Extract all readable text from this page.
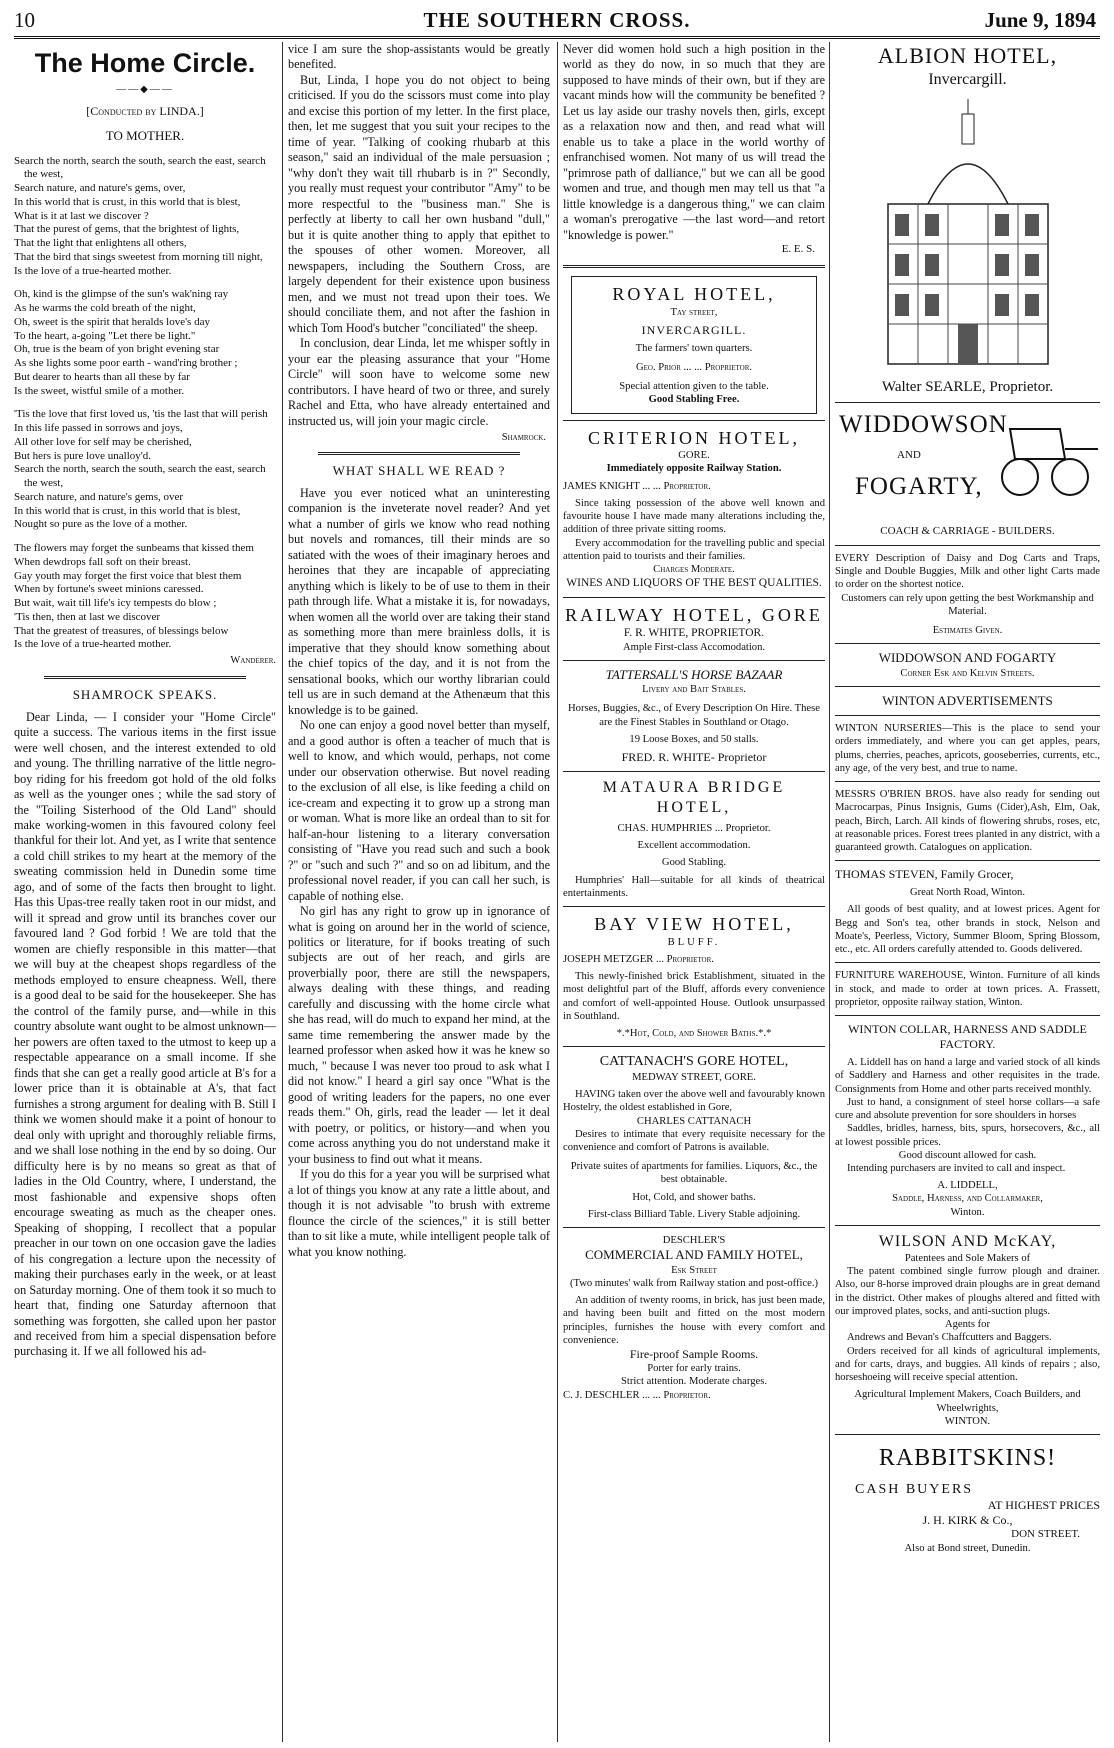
10	THE SOUTHERN CROSS.	June 9, 1894
The Home Circle.
——◆——

[Conducted by LINDA.]

TO MOTHER.

Search the north, search the south, search the east, search the west,

Search nature, and nature's gems, over,

In this world that is crust, in this world that is blest,

What is it at last we discover ?

That the purest of gems, that the brightest of lights,

That the light that enlightens all others,

That the bird that sings sweetest from morning till night,

Is the love of a true-hearted mother.

Oh, kind is the glimpse of the sun's wak'ning ray

As he warms the cold breath of the night,

Oh, sweet is the spirit that heralds love's day

To the heart, a-going "Let there be light."

Oh, true is the beam of yon bright evening star

As she lights some poor earth - wand'ring brother ;

But dearer to hearts than all these by far

Is the sweet, wistful smile of a mother.

'Tis the love that first loved us, 'tis the last that will perish

In this life passed in sorrows and joys,

All other love for self may be cherished,

But hers is pure love unalloy'd.

Search the north, search the south, search the east, search the west,

Search nature, and nature's gems, over

In this world that is crust, in this world that is blest,

Nought so pure as the love of a mother.

The flowers may forget the sunbeams that kissed them

When dewdrops fall soft on their breast.

Gay youth may forget the first voice that blest them

When by fortune's sweet minions caressed.

But wait, wait till life's icy tempests do blow ;

'Tis then, then at last we discover

That the greatest of treasures, of blessings below

Is the love of a true-hearted mother.

Wanderer.

SHAMROCK SPEAKS.

Dear Linda, — I consider your "Home Circle" quite a success. The various items in the first issue were well chosen, and the interest extended to old and young. The thrilling narrative of the little negro-boy riding for his freedom got hold of the old folks as well as the younger ones ; while the sad story of the "Toiling Sisterhood of the Old Land" should make working-women in this favoured colony feel thankful for their lot. And yet, as I write that sentence a cold chill strikes to my heart at the memory of the sweating commission held in Dunedin some time ago, and of some of the facts then brought to light. Has this Upas-tree really taken root in our midst, and will it spread and grow until its branches cover our favoured land ? God forbid ! We are told that the women are chiefly responsible in this matter—that we will buy at the cheapest shops regardless of the methods employed to ensure cheapness. Well, there is a good deal to be said for the housekeeper. She has the control of the family purse, and—while in this country absolute want ought to be almost unknown—her powers are often taxed to the utmost to keep up a respectable appearance on a small income. If she finds that she can get a really good article at B's for a lower price than it is obtainable at A's, that fact furnishes a strong argument for dealing with B. Still I think we women should make it a point of honour to deal only with upright and thoroughly reliable firms, and we shall lose nothing in the end by so doing. Our difficulty here is by no means so great as that of ladies in the Old Country, where, I understand, the most fashionable and expensive shops often encourage sweating as much as the cheaper ones. Speaking of shopping, I recollect that a popular preacher in our town on one occasion gave the ladies of his congregation a lecture upon the necessity of making their purchases early in the week, or at least on Saturday morning. One of them took it so much to heart that, finding one Saturday afternoon that something was forgotten, she called upon her pastor and received from him a special dispensation before purchasing it. If we all followed his ad-

vice I am sure the shop-assistants would be greatly benefited.

But, Linda, I hope you do not object to being criticised. If you do the scissors must come into play and excise this portion of my letter. In the first place, then, let me suggest that you suit your recipes to the time of year. "Talking of cooking rhubarb at this season," said an individual of the male persuasion ; "why don't they wait till rhubarb is in ?" Secondly, you really must request your contributor "Amy" to be more respectful to the "business man." She is perfectly at liberty to call her own husband "dull," but it is quite another thing to apply that epithet to the spouses of other women. Moreover, all newspapers, including the Southern Cross, are largely dependent for their existence upon business men, and we must not tread upon their toes. We should conciliate them, and not after the fashion in which Tom Hood's butcher "conciliated" the sheep.

In conclusion, dear Linda, let me whisper softly in your ear the pleasing assurance that your "Home Circle" will soon have to welcome some new contributors. I have heard of two or three, and surely Rachel and Etta, who have already entertained and instructed us, will join your magic circle.

Shamrock.

WHAT SHALL WE READ ?

Have you ever noticed what an uninteresting companion is the inveterate novel reader? And yet what a number of girls we know who read nothing but novels and romances, till their minds are so satiated with the woes of their imaginary heroes and heroines that they are incapable of appreciating anything which is likely to be of use to them in their path through life. What a mistake it is, for nowadays, when women all the world over are taking their stand as something more than mere brainless dolls, it is imperative that they should know something about the chief topics of the day, and it is not from the sensational books, which our worthy librarian could tell us are in such demand at the Athenæum that this knowledge is to be gained.

No one can enjoy a good novel better than myself, and a good author is often a teacher of much that is well to know, and which would, perhaps, not come under our observation otherwise. But novel reading to the exclusion of all else, is like feeding a child on ice-cream and expecting it to grow up a strong man or woman. What is more like an ordeal than to sit for half-an-hour listening to a literary conversation consisting of "Have you read such and such a book ?" or "such and such ?" and so on ad libitum, and the professional novel reader, if you can call her such, is capable of nothing else.

No girl has any right to grow up in ignorance of what is going on around her in the world of science, politics or literature, for if books treating of such subjects are out of her reach, and girls are proverbially poor, there are still the newspapers, always dealing with these things, and reading carefully and discussing with the home circle what she has read, will do much to expand her mind, at the same time remembering the answer made by the learned professor when asked how it was he knew so much, " because I was never too proud to ask what I did not know." I heard a girl say once "What is the good of writing leaders for the papers, no one ever reads them." Oh, girls, read the leader — let it deal with poetry, or politics, or history—and when you come across anything you do not understand make it your business to find out what it means.

If you do this for a year you will be surprised what a lot of things you know at any rate a little about, and though it is not advisable "to brush with extreme flounce the circle of the sciences," it is still better than to sit like a mute, while intelligent people talk of what you know nothing.

Never did women hold such a high position in the world as they do now, in so much that they are supposed to have minds of their own, but if they are vacant minds how will the community be benefited ? Let us lay aside our trashy novels then, girls, except as a relaxation now and then, and read what will enable us to take a place in the world worthy of enfranchised women. Not many of us will tread the "primrose path of dalliance," but we can all be good women and true, and though men may tell us that "a little knowledge is a dangerous thing," we can claim a woman's prerogative —the last word—and retort "knowledge is power."

E. E. S.

ROYAL HOTEL,

Tay street,

INVERCARGILL.

The farmers' town quarters.

Geo. Prior ... ... Proprietor.

Special attention given to the table.

Good Stabling Free.

CRITERION HOTEL,

GORE.

Immediately opposite Railway Station.

JAMES KNIGHT ... ... Proprietor.

Since taking possession of the above well known and favourite house I have made many alterations including the, addition of three private sitting rooms.

Every accommodation for the travelling public and special attention paid to tourists and their families.

Charges Moderate.

WINES AND LIQUORS OF THE BEST QUALITIES.

RAILWAY HOTEL, GORE

F. R. WHITE, PROPRIETOR.

Ample First-class Accomodation.

TATTERSALL'S HORSE BAZAAR

Livery and Bait Stables.

Horses, Buggies, &c., of Every Description On Hire. These are the Finest Stables in Southland or Otago.

19 Loose Boxes, and 50 stalls.

FRED. R. WHITE- Proprietor

MATAURA BRIDGE HOTEL,

CHAS. HUMPHRIES ... Proprietor.

Excellent accommodation.

Good Stabling.

Humphries' Hall—suitable for all kinds of theatrical entertainments.

BAY VIEW HOTEL,

BLUFF.

JOSEPH METZGER ... Proprietor.

This newly-finished brick Establishment, situated in the most delightful part of the Bluff, affords every convenience and comfort of well-appointed House. Outlook unsurpassed in Southland.

*.*Hot, Cold, and Shower Baths.*.*

CATTANACH'S GORE HOTEL,

MEDWAY STREET, GORE.

HAVING taken over the above well and favourably known Hostelry, the oldest established in Gore,

CHARLES CATTANACH

Desires to intimate that every requisite necessary for the convenience and comfort of Patrons is available.

Private suites of apartments for families. Liquors, &c., the best obtainable.

Hot, Cold, and shower baths.

First-class Billiard Table. Livery Stable adjoining.

DESCHLER'S

COMMERCIAL AND FAMILY HOTEL,

Esk Street

(Two minutes' walk from Railway station and post-office.)

An addition of twenty rooms, in brick, has just been made, and having been built and fitted on the most modern principles, furnishes the house with every comfort and convenience.

Fire-proof Sample Rooms.

Porter for early trains.

Strict attention. Moderate charges.

C. J. DESCHLER ... ... Proprietor.

ALBION HOTEL,

Invercargill.

Walter SEARLE, Proprietor.

WIDDOWSON

AND

FOGARTY,

COACH & CARRIAGE - BUILDERS.

EVERY Description of Daisy and Dog Carts and Traps, Single and Double Buggies, Milk and other light Carts made to order on the shortest notice.

Customers can rely upon getting the best Workmanship and Material.

Estimates Given.

WIDDOWSON AND FOGARTY

Corner Esk and Kelvin Streets.

WINTON ADVERTISEMENTS

WINTON NURSERIES—This is the place to send your orders immediately, and where you can get apples, pears, plums, cherries, peaches, apricots, gooseberries, currents, etc., any age, of the very best, and true to name.

MESSRS O'BRIEN BROS. have also ready for sending out Macrocarpas, Pinus Insignis, Gums (Cider),Ash, Elm, Oak, peach, Birch, Larch. All kinds of flowering shrubs, roses, etc, at reasonable prices. Forest trees planted in any district, with a guaranteed growth. Catalogues on application.

THOMAS STEVEN, Family Grocer,

Great North Road, Winton.

All goods of best quality, and at lowest prices. Agent for Begg and Son's tea, other brands in stock, Nelson and Moate's, Peerless, Victory, Summer Bloom, Spring Blossom, etc., etc. All orders carefully attended to. Goods delivered.

FURNITURE WAREHOUSE, Winton. Furniture of all kinds in stock, and made to order at town prices. A. Frassett, proprietor, opposite railway station, Winton.

WINTON COLLAR, HARNESS AND SADDLE FACTORY.

A. Liddell has on hand a large and varied stock of all kinds of Saddlery and Harness and other requisites in the trade. Consignments from Home and other parts received monthly.

Just to hand, a consignment of steel horse collars—a safe cure and absolute prevention for sore shoulders in horses

Saddles, bridles, harness, bits, spurs, horsecovers, &c., all at lowest possible prices.

Good discount allowed for cash.

Intending purchasers are invited to call and inspect.

A. LIDDELL,

Saddle, Harness, and Collarmaker,

Winton.

WILSON AND McKAY,

Patentees and Sole Makers of

The patent combined single furrow plough and drainer. Also, our 8-horse improved drain ploughs are in great demand in the district. Other makes of ploughs altered and fitted with our improved plates, socks, and anti-suction plugs.

Agents for

Andrews and Bevan's Chaffcutters and Baggers.

Orders received for all kinds of agricultural implements, and for carts, drays, and buggies. All kinds of repairs ; also, horseshoeing will receive special attention.

Agricultural Implement Makers, Coach Builders, and Wheelwrights,

WINTON.

RABBITSKINS!

CASH BUYERS

AT HIGHEST PRICES

J. H. KIRK & Co.,

DON STREET.

Also at Bond street, Dunedin.
